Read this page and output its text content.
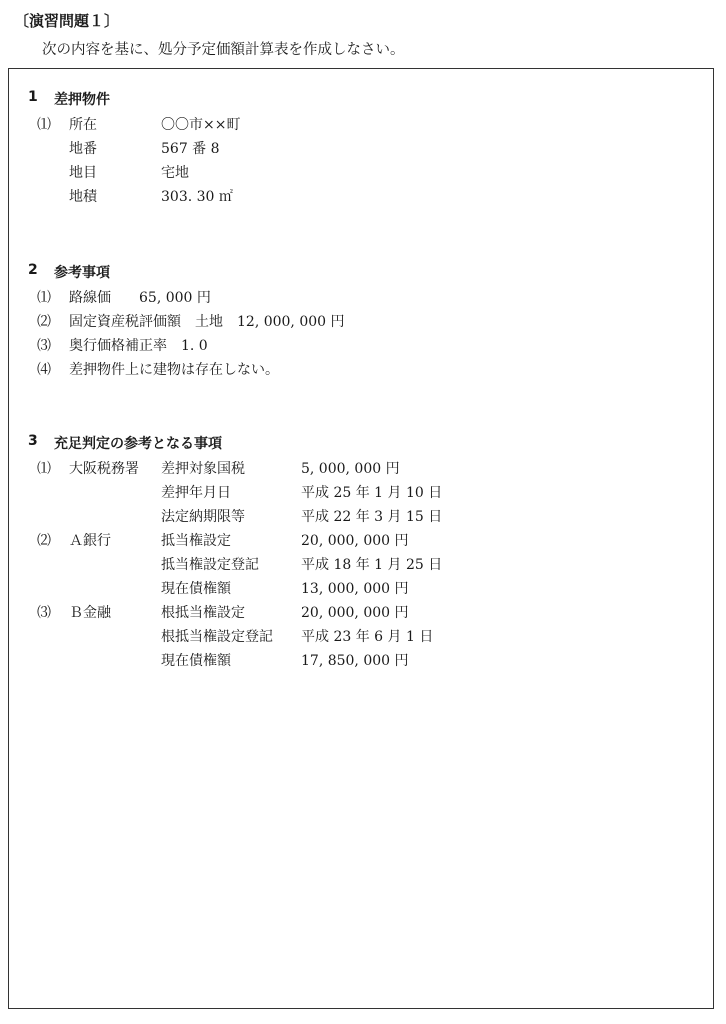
〔演習問題１〕
次の内容を基に、処分予定価額計算表を作成しなさい。
1 差押物件
⑴ 所在	〇〇市××町
地番	567 番 8
地目	宅地
地積	303. 30 ㎡
2 参考事項
⑴ 路線価　　65, 000 円
⑵ 固定資産税評価額　土地　12, 000, 000 円
⑶ 奥行価格補正率　1. 0
⑷ 差押物件上に建物は存在しない。
3 充足判定の参考となる事項
⑴ 大阪税務署 差押対象国税	5, 000, 000 円
差押年月日	平成 25 年 1 月 10 日
法定納期限等	平成 22 年 3 月 15 日
⑵ Ａ銀行	抵当権設定	20, 000, 000 円
抵当権設定登記	平成 18 年 1 月 25 日
現在債権額	13, 000, 000 円
⑶ Ｂ金融	根抵当権設定	20, 000, 000 円
根抵当権設定登記 平成 23 年 6 月 1 日
現在債権額	17, 850, 000 円
